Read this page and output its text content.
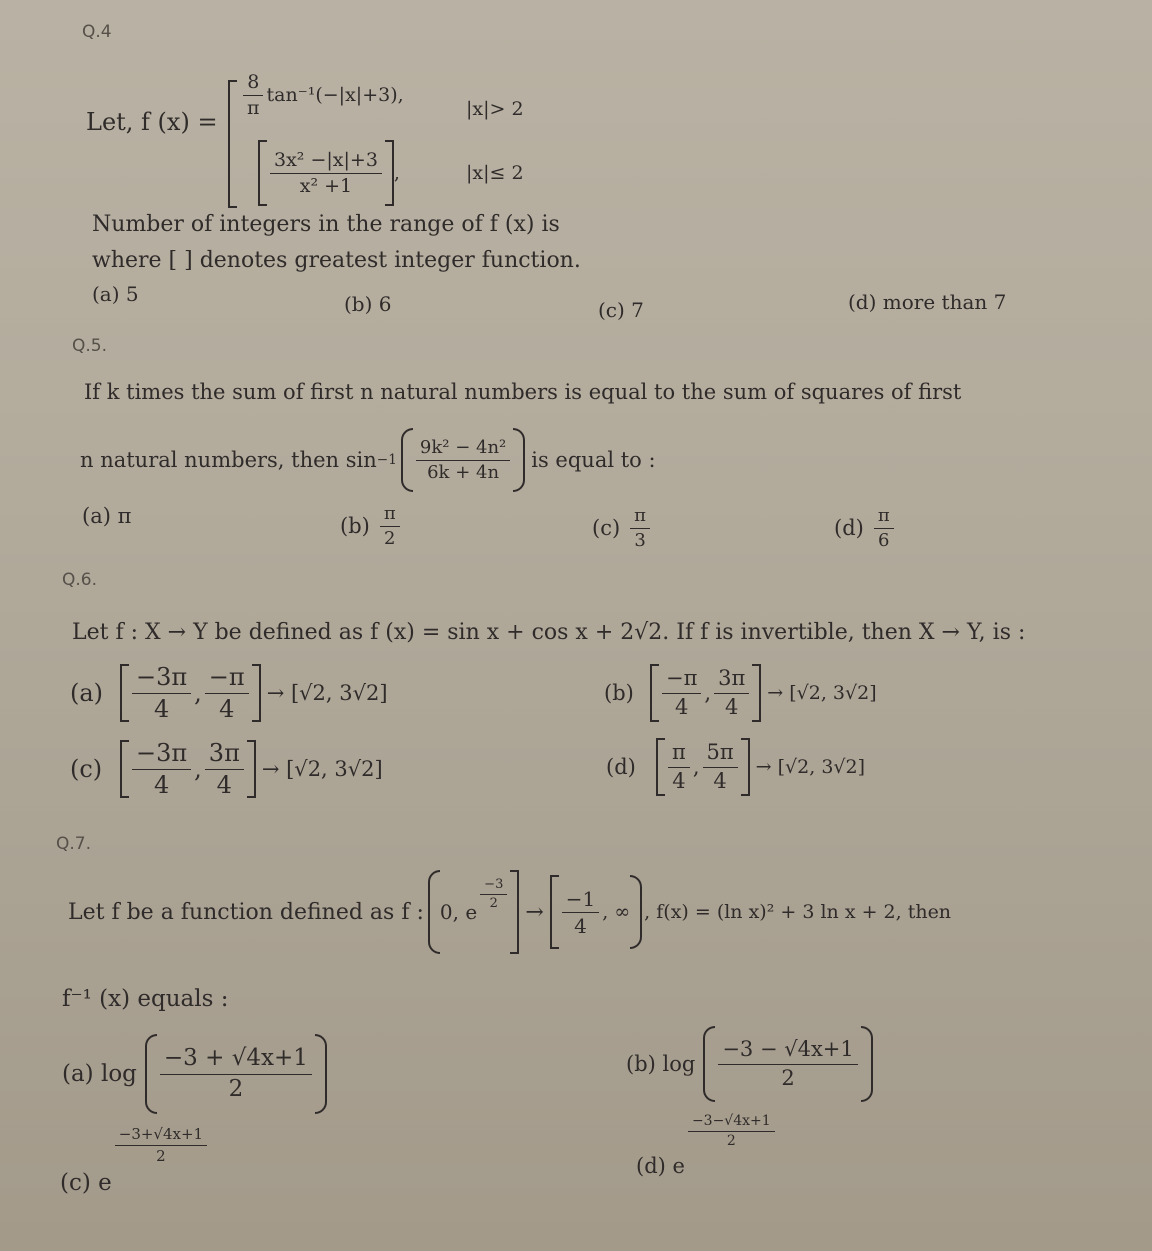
Q.4
Let, f (x) =
$\frac{8}{\pi} \tan^{-1}(-|x|+3)$,
|x|> 2
$\frac{\text{3x² −|x|+3}}{\text{x² +1}}$ ,	|x|≤ 2
Number of integers in the range of f (x) is
where [ ] denotes greatest integer function.
(a) 5	(b) 6	(c) 7	(d) more than 7
Q.5.
If k times the sum of first n natural numbers is equal to the sum of squares of first
n natural numbers, then $\sin -1 \frac{\text{9k² − 4n²}}{6k + 4n}$ is equal to :
(a) π	$(b) \frac{\pi}{2}$	$(c) \frac{\pi}{3}$	$(d) \frac{\pi}{6}$
Q.6.
Let f : X → Y be defined as f (x) = sin x + cos x + 2√2. If f is invertible, then X → Y, is :
(a)	$\frac{-3\pi}{4}$ , $\frac{-\pi}{4} \to [√2$, 3√2]	(b)	$\frac{-\pi}{4}$ , $\frac{3\pi}{4} \to [√2$, 3√2]
(c)	$\frac{-3\pi}{4}$ , $\frac{3\pi}{4} \to [√2$, 3√2]	(d)	$\frac{\pi}{4}$ , $\frac{5\pi}{4} \to [√2$, 3√2]
Q.7.
Let f be a function defined as f : 0, e
$\frac{-3}{2}$
→ $\frac{-1}{4}$ , ∞ , f(x) = (ln x)² + 3 ln x + 2, then
f⁻¹ (x) equals :
(a) $\log \frac{-3 + √4x+1}{2}$	(b) $\log \frac{-3 - √4x+1}{2}$
(c) e
$\frac{-3+√4x+1}{2}$
(d) e
$\frac{-3-√4x+1}{2}$
